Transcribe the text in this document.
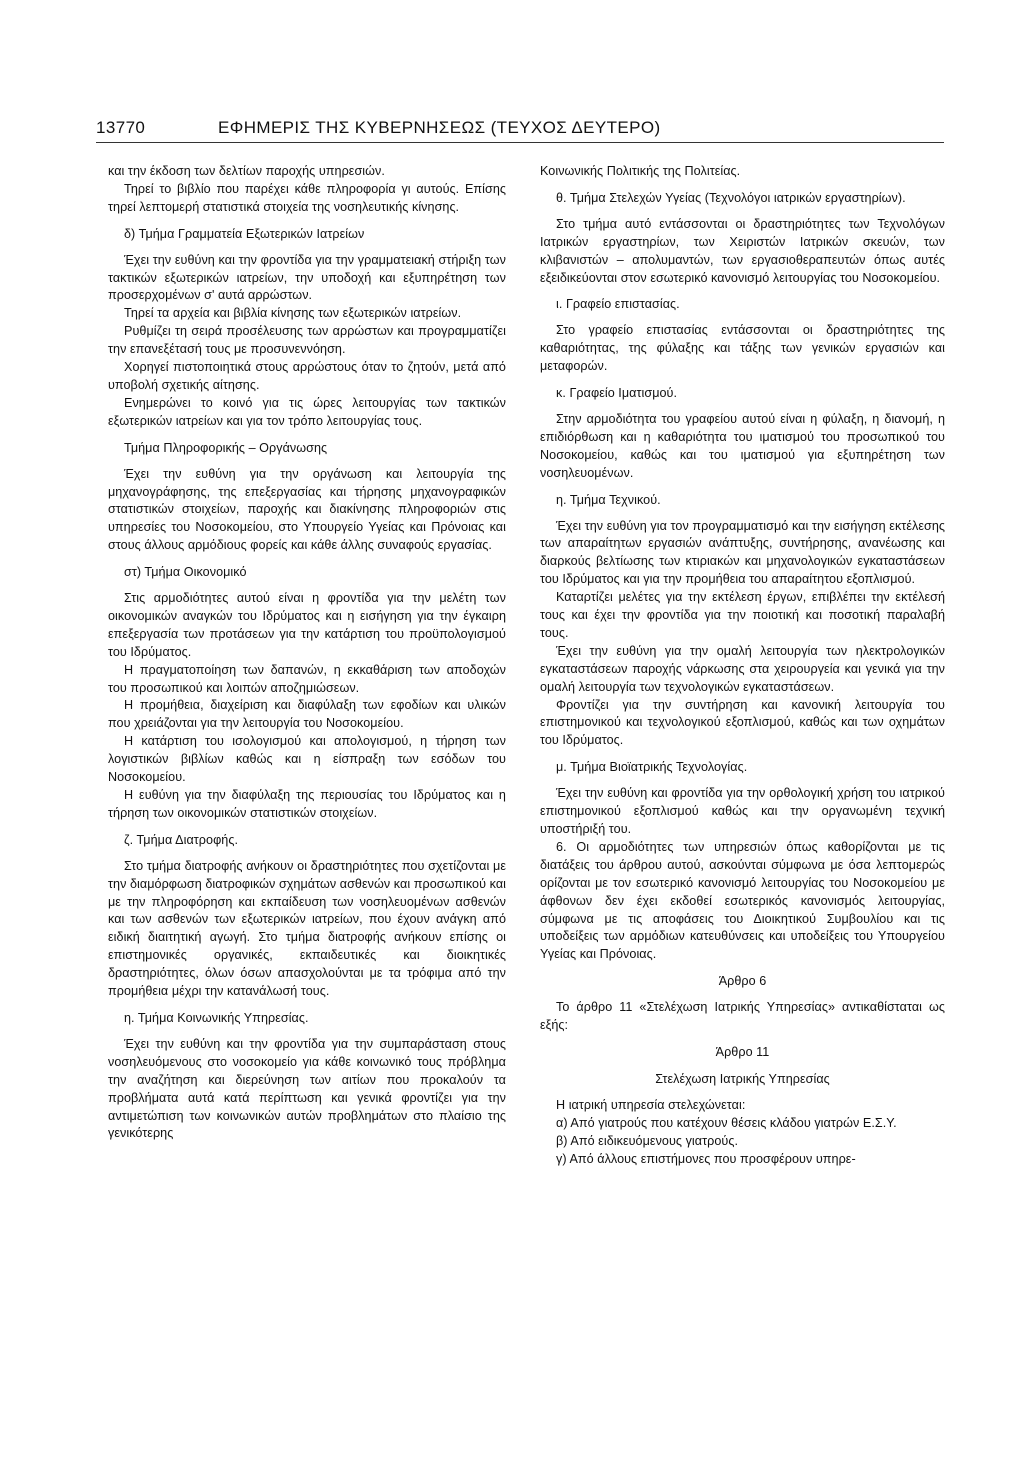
13770	ΕΦΗΜΕΡΙΣ ΤΗΣ ΚΥΒΕΡΝΗΣΕΩΣ (ΤΕΥΧΟΣ ΔΕΥΤΕΡΟ)

και την έκδοση των δελτίων παροχής υπηρεσιών.

Τηρεί το βιβλίο που παρέχει κάθε πληροφορία γι αυτούς. Επίσης τηρεί λεπτομερή στατιστικά στοιχεία της νοσηλευτικής κίνησης.

δ) Τμήμα Γραμματεία Εξωτερικών Ιατρείων

Έχει την ευθύνη και την φροντίδα για την γραμματειακή στήριξη των τακτικών εξωτερικών ιατρείων, την υποδοχή και εξυπηρέτηση των προσερχομένων σ' αυτά αρρώστων.

Τηρεί τα αρχεία και βιβλία κίνησης των εξωτερικών ιατρείων.

Ρυθμίζει τη σειρά προσέλευσης των αρρώστων και προγραμματίζει την επανεξέτασή τους με προσυνεννόηση.

Χορηγεί πιστοποιητικά στους αρρώστους όταν το ζητούν, μετά από υποβολή σχετικής αίτησης.

Ενημερώνει το κοινό για τις ώρες λειτουργίας των τακτικών εξωτερικών ιατρείων και για τον τρόπο λειτουργίας τους.

Τμήμα Πληροφορικής – Οργάνωσης

Έχει την ευθύνη για την οργάνωση και λειτουργία της μηχανογράφησης, της επεξεργασίας και τήρησης μηχανογραφικών στατιστικών στοιχείων, παροχής και διακίνησης πληροφοριών στις υπηρεσίες του Νοσοκομείου, στο Υπουργείο Υγείας και Πρόνοιας και στους άλλους αρμόδιους φορείς και κάθε άλλης συναφούς εργασίας.

στ) Τμήμα Οικονομικό

Στις αρμοδιότητες αυτού είναι η φροντίδα για την μελέτη των οικονομικών αναγκών του Ιδρύματος και η εισήγηση για την έγκαιρη επεξεργασία των προτάσεων για την κατάρτιση του προϋπολογισμού του Ιδρύματος.

Η πραγματοποίηση των δαπανών, η εκκαθάριση των αποδοχών του προσωπικού και λοιπών αποζημιώσεων.

Η προμήθεια, διαχείριση και διαφύλαξη των εφοδίων και υλικών που χρειάζονται για την λειτουργία του Νοσοκομείου.

Η κατάρτιση του ισολογισμού και απολογισμού, η τήρηση των λογιστικών βιβλίων καθώς και η είσπραξη των εσόδων του Νοσοκομείου.

Η ευθύνη για την διαφύλαξη της περιουσίας του Ιδρύματος και η τήρηση των οικονομικών στατιστικών στοιχείων.

ζ. Τμήμα Διατροφής.

Στο τμήμα διατροφής ανήκουν οι δραστηριότητες που σχετίζονται με την διαμόρφωση διατροφικών σχημάτων ασθενών και προσωπικού και με την πληροφόρηση και εκπαίδευση των νοσηλευομένων ασθενών και των ασθενών των εξωτερικών ιατρείων, που έχουν ανάγκη από ειδική διαιτητική αγωγή. Στο τμήμα διατροφής ανήκουν επίσης οι επιστημονικές οργανικές, εκπαιδευτικές και διοικητικές δραστηριότητες, όλων όσων απασχολούνται με τα τρόφιμα από την προμήθεια μέχρι την κατανάλωσή τους.

η. Τμήμα Κοινωνικής Υπηρεσίας.

Έχει την ευθύνη και την φροντίδα για την συμπαράσταση στους νοσηλευόμενους στο νοσοκομείο για κάθε κοινωνικό τους πρόβλημα την αναζήτηση και διερεύνηση των αιτίων που προκαλούν τα προβλήματα αυτά κατά περίπτωση και γενικά φροντίζει για την αντιμετώπιση των κοινωνικών αυτών προβλημάτων στο πλαίσιο της γενικότερης

Κοινωνικής Πολιτικής της Πολιτείας.

θ. Τμήμα Στελεχών Υγείας (Τεχνολόγοι ιατρικών εργαστηρίων).

Στο τμήμα αυτό εντάσσονται οι δραστηριότητες των Τεχνολόγων Ιατρικών εργαστηρίων, των Χειριστών Ιατρικών σκευών, των κλιβανιστών – απολυμαντών, των εργασιοθεραπευτών όπως αυτές εξειδικεύονται στον εσωτερικό κανονισμό λειτουργίας του Νοσοκομείου.

ι. Γραφείο επιστασίας.

Στο γραφείο επιστασίας εντάσσονται οι δραστηριότητες της καθαριότητας, της φύλαξης και τάξης των γενικών εργασιών και μεταφορών.

κ. Γραφείο Ιματισμού.

Στην αρμοδιότητα του γραφείου αυτού είναι η φύλαξη, η διανομή, η επιδιόρθωση και η καθαριότητα του ιματισμού του προσωπικού του Νοσοκομείου, καθώς και του ιματισμού για εξυπηρέτηση των νοσηλευομένων.

η. Τμήμα Τεχνικού.

Έχει την ευθύνη για τον προγραμματισμό και την εισήγηση εκτέλεσης των απαραίτητων εργασιών ανάπτυξης, συντήρησης, ανανέωσης και διαρκούς βελτίωσης των κτιριακών και μηχανολογικών εγκαταστάσεων του Ιδρύματος και για την προμήθεια του απαραίτητου εξοπλισμού.

Καταρτίζει μελέτες για την εκτέλεση έργων, επιβλέπει την εκτέλεσή τους και έχει την φροντίδα για την ποιοτική και ποσοτική παραλαβή τους.

Έχει την ευθύνη για την ομαλή λειτουργία των ηλεκτρολογικών εγκαταστάσεων παροχής νάρκωσης στα χειρουργεία και γενικά για την ομαλή λειτουργία των τεχνολογικών εγκαταστάσεων.

Φροντίζει για την συντήρηση και κανονική λειτουργία του επιστημονικού και τεχνολογικού εξοπλισμού, καθώς και των οχημάτων του Ιδρύματος.

μ. Τμήμα Βιοϊατρικής Τεχνολογίας.

Έχει την ευθύνη και φροντίδα για την ορθολογική χρήση του ιατρικού επιστημονικού εξοπλισμού καθώς και την οργανωμένη τεχνική υποστήριξή του.

6. Οι αρμοδιότητες των υπηρεσιών όπως καθορίζονται με τις διατάξεις του άρθρου αυτού, ασκούνται σύμφωνα με όσα λεπτομερώς ορίζονται με τον εσωτερικό κανονισμό λειτουργίας του Νοσοκομείου με άφθονων δεν έχει εκδοθεί εσωτερικός κανονισμός λειτουργίας, σύμφωνα με τις αποφάσεις του Διοικητικού Συμβουλίου και τις υποδείξεις των αρμόδιων κατευθύνσεις και υποδείξεις του Υπουργείου Υγείας και Πρόνοιας.

Άρθρο 6

Το άρθρο 11 «Στελέχωση Ιατρικής Υπηρεσίας» αντικαθίσταται ως εξής:

Άρθρο 11
Στελέχωση Ιατρικής Υπηρεσίας

Η ιατρική υπηρεσία στελεχώνεται:

α) Από γιατρούς που κατέχουν θέσεις κλάδου γιατρών Ε.Σ.Υ.

β) Από ειδικευόμενους γιατρούς.

γ) Από άλλους επιστήμονες που προσφέρουν υπηρε-
